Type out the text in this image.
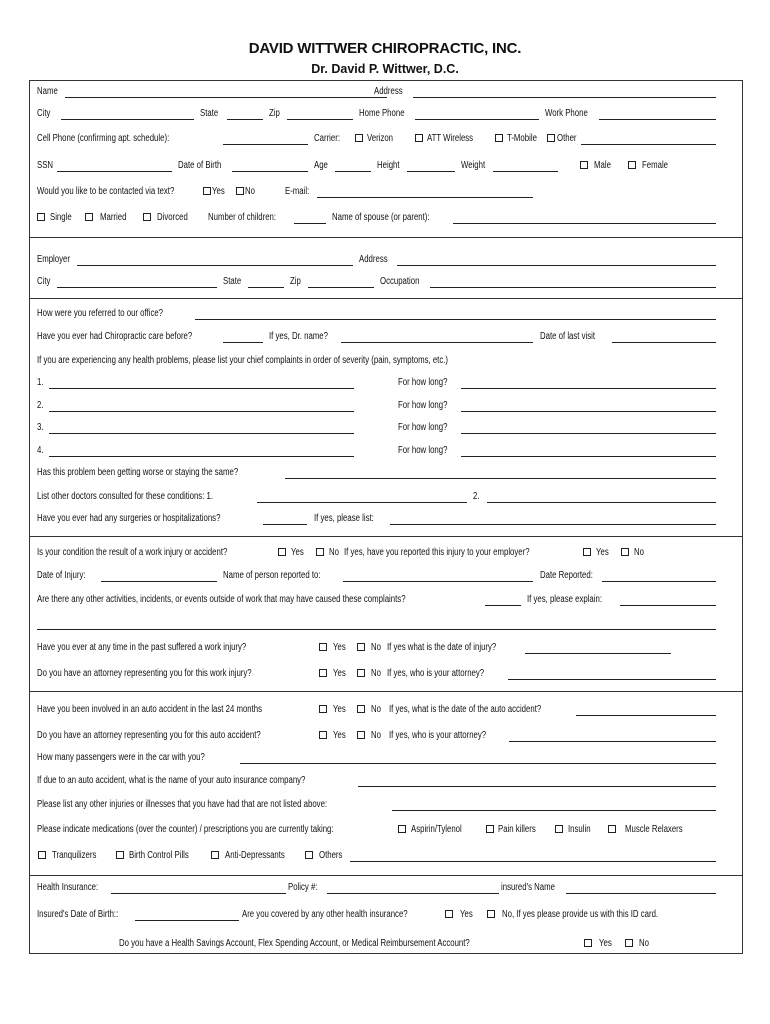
DAVID WITTWER CHIROPRACTIC, INC.
Dr. David P. Wittwer, D.C.
Name	Address
City	State	Zip	Home Phone	Work Phone
Cell Phone (confirming apt. schedule):	Carrier:	Verizon	ATT Wireless	T-Mobile Other
SSN	Date of Birth	Age	Height	Weight	Male	Female
Would you like to be contacted via text?	Yes No	E-mail:
Single	Married	Divorced Number of children:	Name of spouse (or parent):
Employer	Address
City	State	Zip	Occupation
How were you referred to our office?
Have you ever had Chiropractic care before?	If yes, Dr. name?	Date of last visit
If you are experiencing any health problems, please list your chief complaints in order of severity (pain, symptoms, etc.)
1.	For how long?
2.	For how long?
3.	For how long?
4.	For how long?
Has this problem been getting worse or staying the same?
List other doctors consulted for these conditions: 1.	2.
Have you ever had any surgeries or hospitalizations?	If yes, please list:
Is your condition the result of a work injury or accident?	Yes	No If yes, have you reported this injury to your employer?	Yes	No
Date of Injury:	Name of person reported to:	Date Reported:
Are there any other activities, incidents, or events outside of work that may have caused these complaints?	If yes, please explain:
Have you ever at any time in the past suffered a work injury?	Yes	No If yes what is the date of injury?
Do you have an attorney representing you for this work injury?	Yes	No If yes, who is your attorney?
Have you been involved in an auto accident in the last 24 months	Yes	No If yes, what is the date of the auto accident?
Do you have an attorney representing you for this auto accident?	Yes	No If yes, who is your attorney?
How many passengers were in the car with you?
If due to an auto accident, what is the name of your auto insurance company?
Please list any other injuries or illnesses that you have had that are not listed above:
Please indicate medications (over the counter) / prescriptions you are currently taking:	Aspirin/Tylenol	Pain killers	Insulin	Muscle Relaxers
Tranquilizers	Birth Control Pills	Anti-Depressants	Others
Health Insurance:	Policy #:	insured's Name
Insured's Date of Birth::	Are you covered by any other health insurance?	Yes	No, If yes please provide us with this ID card.
Do you have a Health Savings Account, Flex Spending Account, or Medical Reimbursement Account?	Yes	No
